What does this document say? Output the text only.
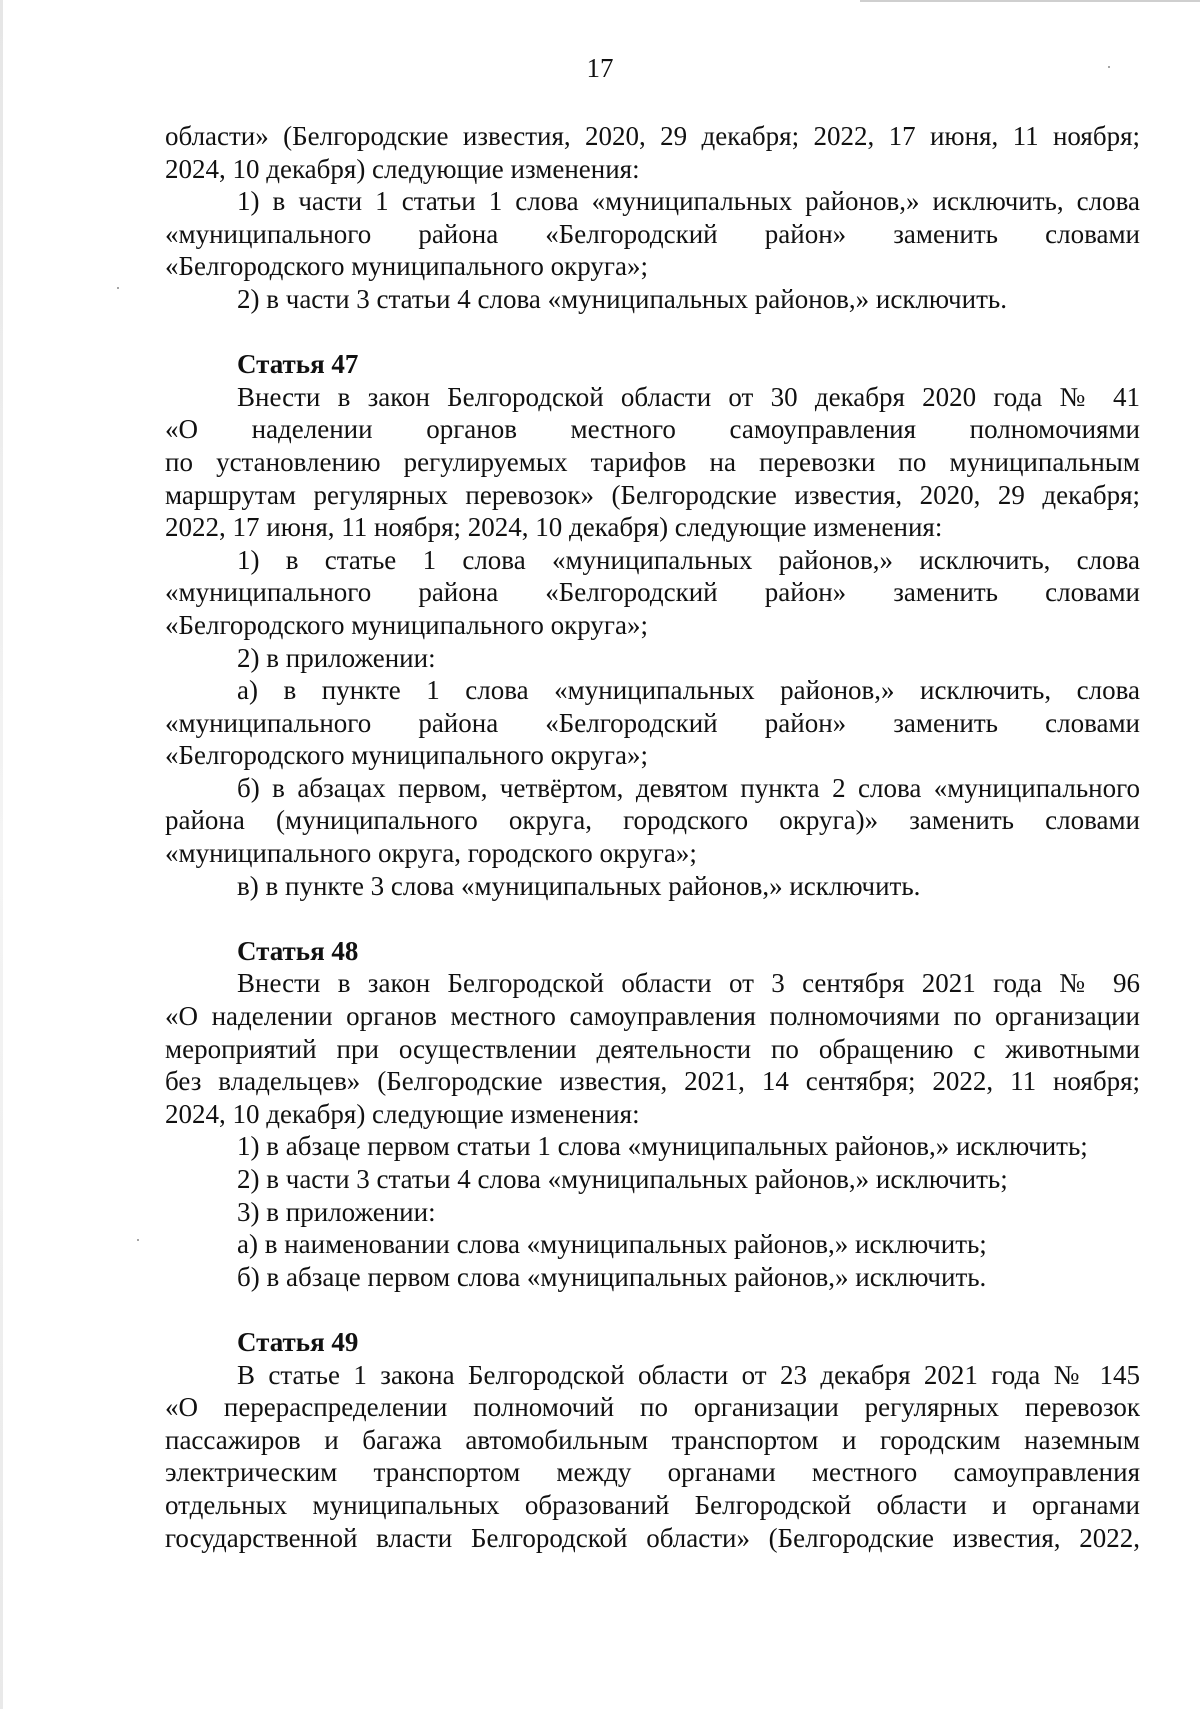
17

области» (Белгородские известия, 2020, 29 декабря; 2022, 17 июня, 11 ноября;
2024, 10 декабря) следующие изменения:

1) в части 1 статьи 1 слова «муниципальных районов,» исключить, слова
«муниципального района «Белгородский район» заменить словами
«Белгородского муниципального округа»;

2) в части 3 статьи 4 слова «муниципальных районов,» исключить.

Статья 47

Внести в закон Белгородской области от 30 декабря 2020 года № 41
«О наделении органов местного самоуправления полномочиями
по установлению регулируемых тарифов на перевозки по муниципальным
маршрутам регулярных перевозок» (Белгородские известия, 2020, 29 декабря;
2022, 17 июня, 11 ноября; 2024, 10 декабря) следующие изменения:

1) в статье 1 слова «муниципальных районов,» исключить, слова
«муниципального района «Белгородский район» заменить словами
«Белгородского муниципального округа»;

2) в приложении:

а) в пункте 1 слова «муниципальных районов,» исключить, слова
«муниципального района «Белгородский район» заменить словами
«Белгородского муниципального округа»;

б) в абзацах первом, четвёртом, девятом пункта 2 слова «муниципального
района (муниципального округа, городского округа)» заменить словами
«муниципального округа, городского округа»;

в) в пункте 3 слова «муниципальных районов,» исключить.

Статья 48

Внести в закон Белгородской области от 3 сентября 2021 года № 96
«О наделении органов местного самоуправления полномочиями по организации
мероприятий при осуществлении деятельности по обращению с животными
без владельцев» (Белгородские известия, 2021, 14 сентября; 2022, 11 ноября;
2024, 10 декабря) следующие изменения:

1) в абзаце первом статьи 1 слова «муниципальных районов,» исключить;

2) в части 3 статьи 4 слова «муниципальных районов,» исключить;

3) в приложении:

а) в наименовании слова «муниципальных районов,» исключить;

б) в абзаце первом слова «муниципальных районов,» исключить.

Статья 49

В статье 1 закона Белгородской области от 23 декабря 2021 года № 145
«О перераспределении полномочий по организации регулярных перевозок
пассажиров и багажа автомобильным транспортом и городским наземным
электрическим транспортом между органами местного самоуправления
отдельных муниципальных образований Белгородской области и органами
государственной власти Белгородской области» (Белгородские известия, 2022,
